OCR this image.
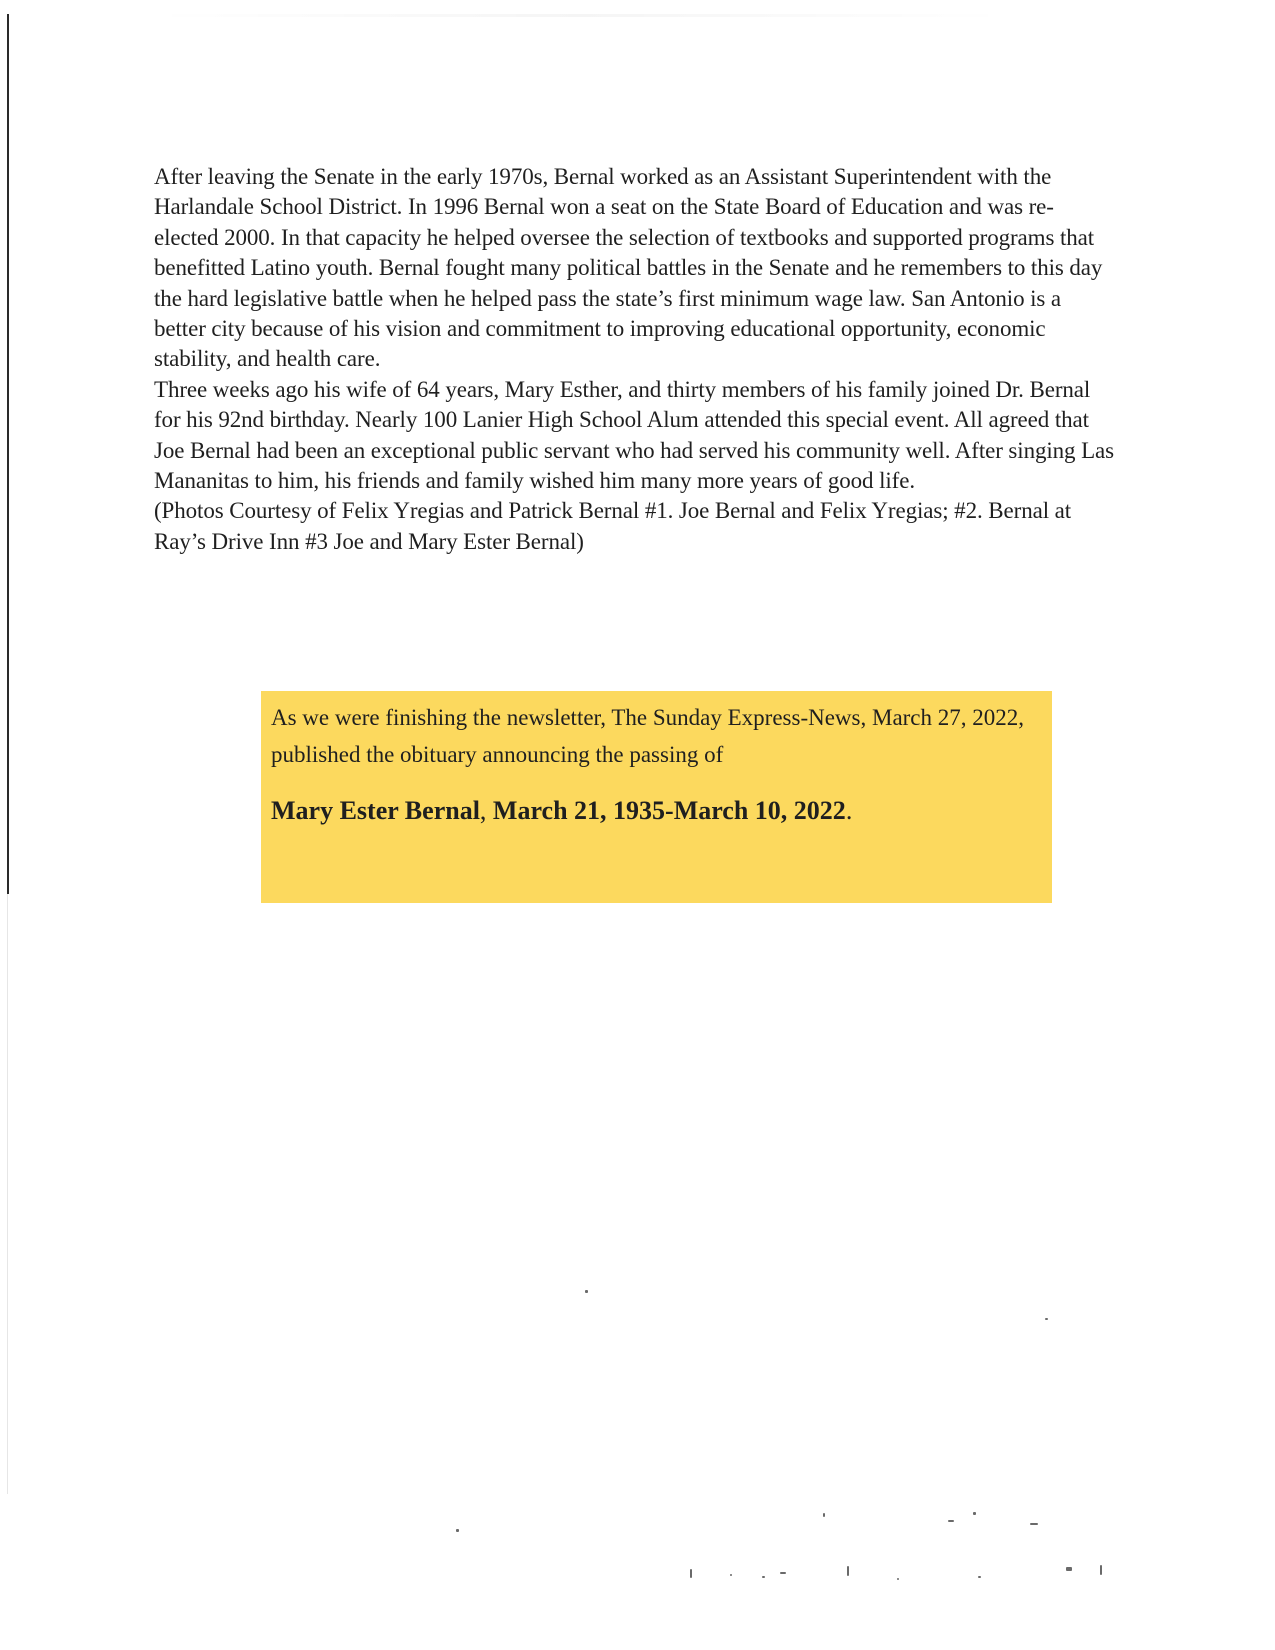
After leaving the Senate in the early 1970s, Bernal worked as an Assistant Superintendent with the Harlandale School District. In 1996 Bernal won a seat on the State Board of Education and was re-elected 2000. In that capacity he helped oversee the selection of textbooks and supported programs that benefitted Latino youth. Bernal fought many political battles in the Senate and he remembers to this day the hard legislative battle when he helped pass the state’s first minimum wage law. San Antonio is a better city because of his vision and commitment to improving educational opportunity, economic stability, and health care.

Three weeks ago his wife of 64 years, Mary Esther, and thirty members of his family joined Dr. Bernal for his 92nd birthday. Nearly 100 Lanier High School Alum attended this special event. All agreed that Joe Bernal had been an exceptional public servant who had served his community well. After singing Las Mananitas to him, his friends and family wished him many more years of good life.

(Photos Courtesy of Felix Yregias and Patrick Bernal #1. Joe Bernal and Felix Yregias; #2. Bernal at Ray’s Drive Inn #3 Joe and Mary Ester Bernal)

As we were finishing the newsletter, The Sunday Express-News, March 27, 2022, published the obituary announcing the passing of

Mary Ester Bernal, March 21, 1935-March 10, 2022.
